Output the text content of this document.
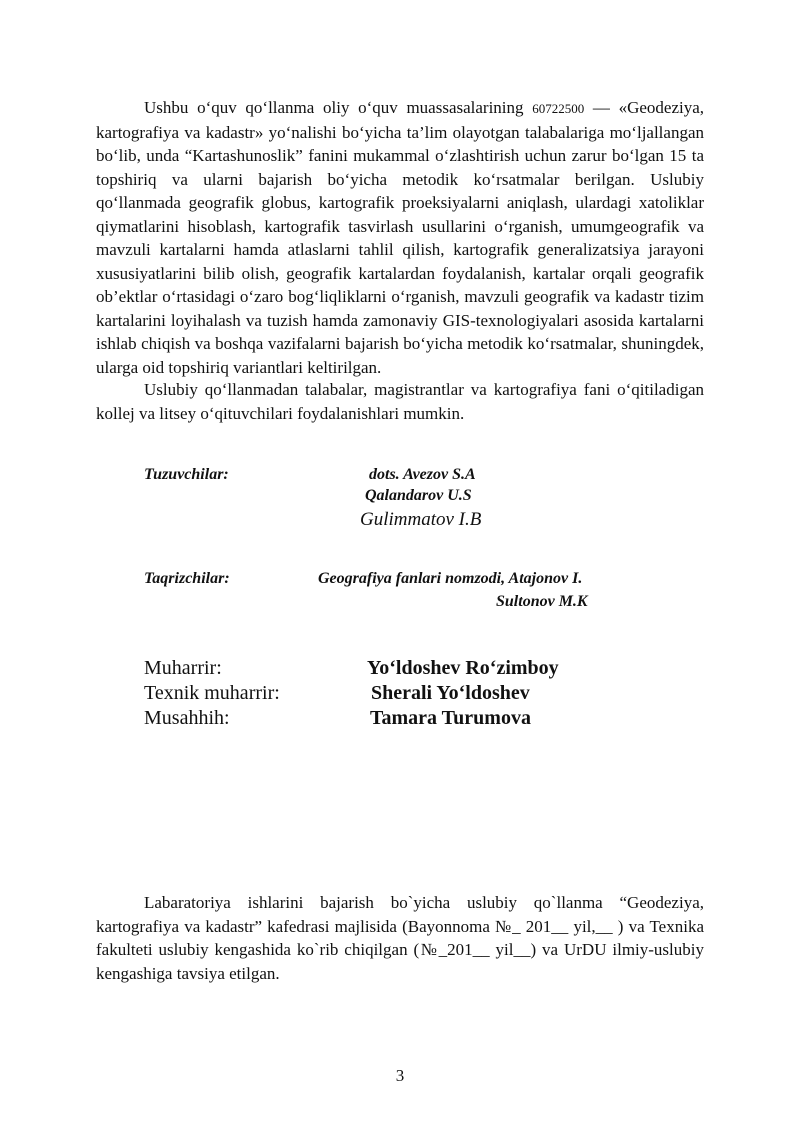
Ushbu o‘quv qo‘llanma oliy o‘quv muassasalarining 60722500 — «Geodeziya, kartografiya va kadastr» yo‘nalishi bo‘yicha ta’lim olayotgan talabalariga mo‘ljallangan bo‘lib, unda “Kartashunoslik” fanini mukammal o‘zlashtirish uchun zarur bo‘lgan 15 ta topshiriq va ularni bajarish bo‘yicha metodik ko‘rsatmalar berilgan. Uslubiy qo‘llanmada geografik globus, kartografik proeksiyalarni aniqlash, ulardagi xatoliklar qiymatlarini hisoblash, kartografik tasvirlash usullarini o‘rganish, umumgeografik va mavzuli kartalarni hamda atlaslarni tahlil qilish, kartografik generalizatsiya jarayoni xususiyatlarini bilib olish, geografik kartalardan foydalanish, kartalar orqali geografik ob’ektlar o‘rtasidagi o‘zaro bog‘liqliklarni o‘rganish, mavzuli geografik va kadastr tizim kartalarini loyihalash va tuzish hamda zamonaviy GIS-texnologiyalari asosida kartalarni ishlab chiqish va boshqa vazifalarni bajarish bo‘yicha metodik ko‘rsatmalar, shuningdek, ularga oid topshiriq variantlari keltirilgan.

Uslubiy qo‘llanmadan talabalar, magistrantlar va kartografiya fani o‘qitiladigan kollej va litsey o‘qituvchilari foydalanishlari mumkin.

Tuzuvchilar:	dots. Avezov S.A
Qalandarov U.S
Gulimmatov I.B
Taqrizchilar:	Geografiya fanlari nomzodi, Atajonov I.
Sultonov M.K
Muharrir:	Yo‘ldoshev Ro‘zimboy
Texnik muharrir:	Sherali Yo‘ldoshev
Musahhih:	Tamara Turumova

Labaratoriya ishlarini bajarish bo`yicha uslubiy qo`llanma “Geodeziya, kartografiya va kadastr” kafedrasi majlisida (Bayonnoma №_ 201__ yil,__ ) va Texnika fakulteti uslubiy kengashida ko`rib chiqilgan (№_201__ yil__) va UrDU ilmiy-uslubiy kengashiga tavsiya etilgan.

3
